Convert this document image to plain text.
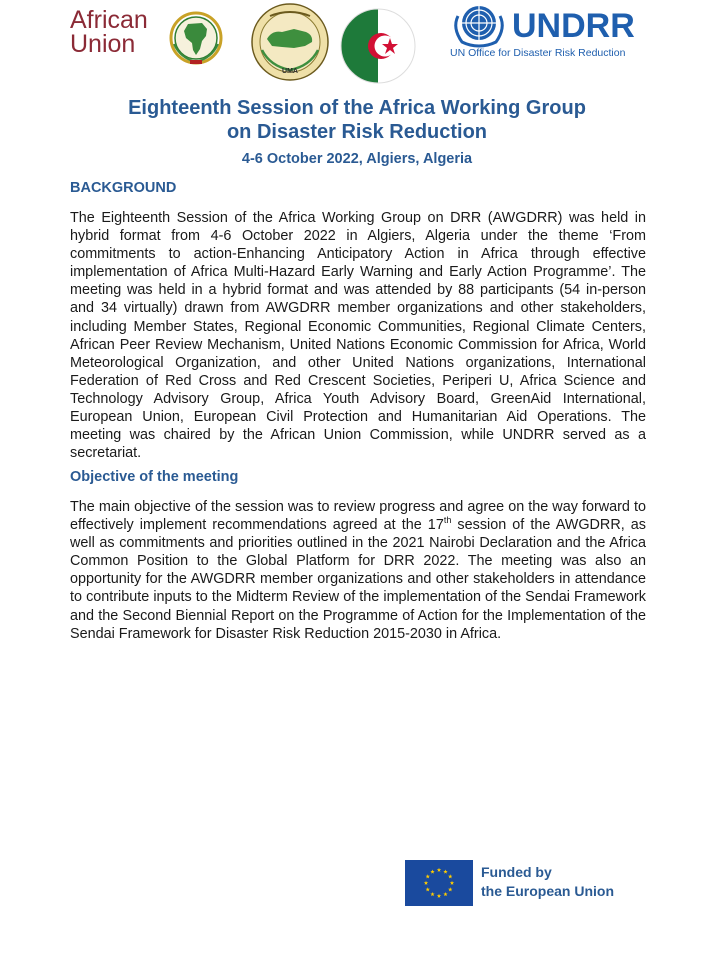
African
Union
UMA
UNDRR
UN Office for Disaster Risk Reduction
Eighteenth Session of the Africa Working Group
on Disaster Risk Reduction
4-6 October 2022, Algiers, Algeria
BACKGROUND

The Eighteenth Session of the Africa Working Group on DRR (AWGDRR) was held in hybrid format from 4-6 October 2022 in Algiers, Algeria under the theme ‘From commitments to action-Enhancing Anticipatory Action in Africa through effective implementation of Africa Multi-Hazard Early Warning and Early Action Programme’. The meeting was held in a hybrid format and was attended by 88 participants (54 in-person and 34 virtually) drawn from AWGDRR member organizations and other stakeholders, including Member States, Regional Economic Communities, Regional Climate Centers, African Peer Review Mechanism, United Nations Economic Commission for Africa, World Meteorological Organization, and other United Nations organizations, International Federation of Red Cross and Red Crescent Societies, Periperi U, Africa Science and Technology Advisory Group, Africa Youth Advisory Board, GreenAid International, European Union, European Civil Protection and Humanitarian Aid Operations. The meeting was chaired by the African Union Commission, while UNDRR served as a secretariat.

Objective of the meeting

The main objective of the session was to review progress and agree on the way forward to effectively implement recommendations agreed at the 17th session of the AWGDRR, as well as commitments and priorities outlined in the 2021 Nairobi Declaration and the Africa Common Position to the Global Platform for DRR 2022. The meeting was also an opportunity for the AWGDRR member organizations and other stakeholders in attendance to contribute inputs to the Midterm Review of the implementation of the Sendai Framework and the Second Biennial Report on the Programme of Action for the Implementation of the Sendai Framework for Disaster Risk Reduction 2015-2030 in Africa.

Funded by
the European Union
